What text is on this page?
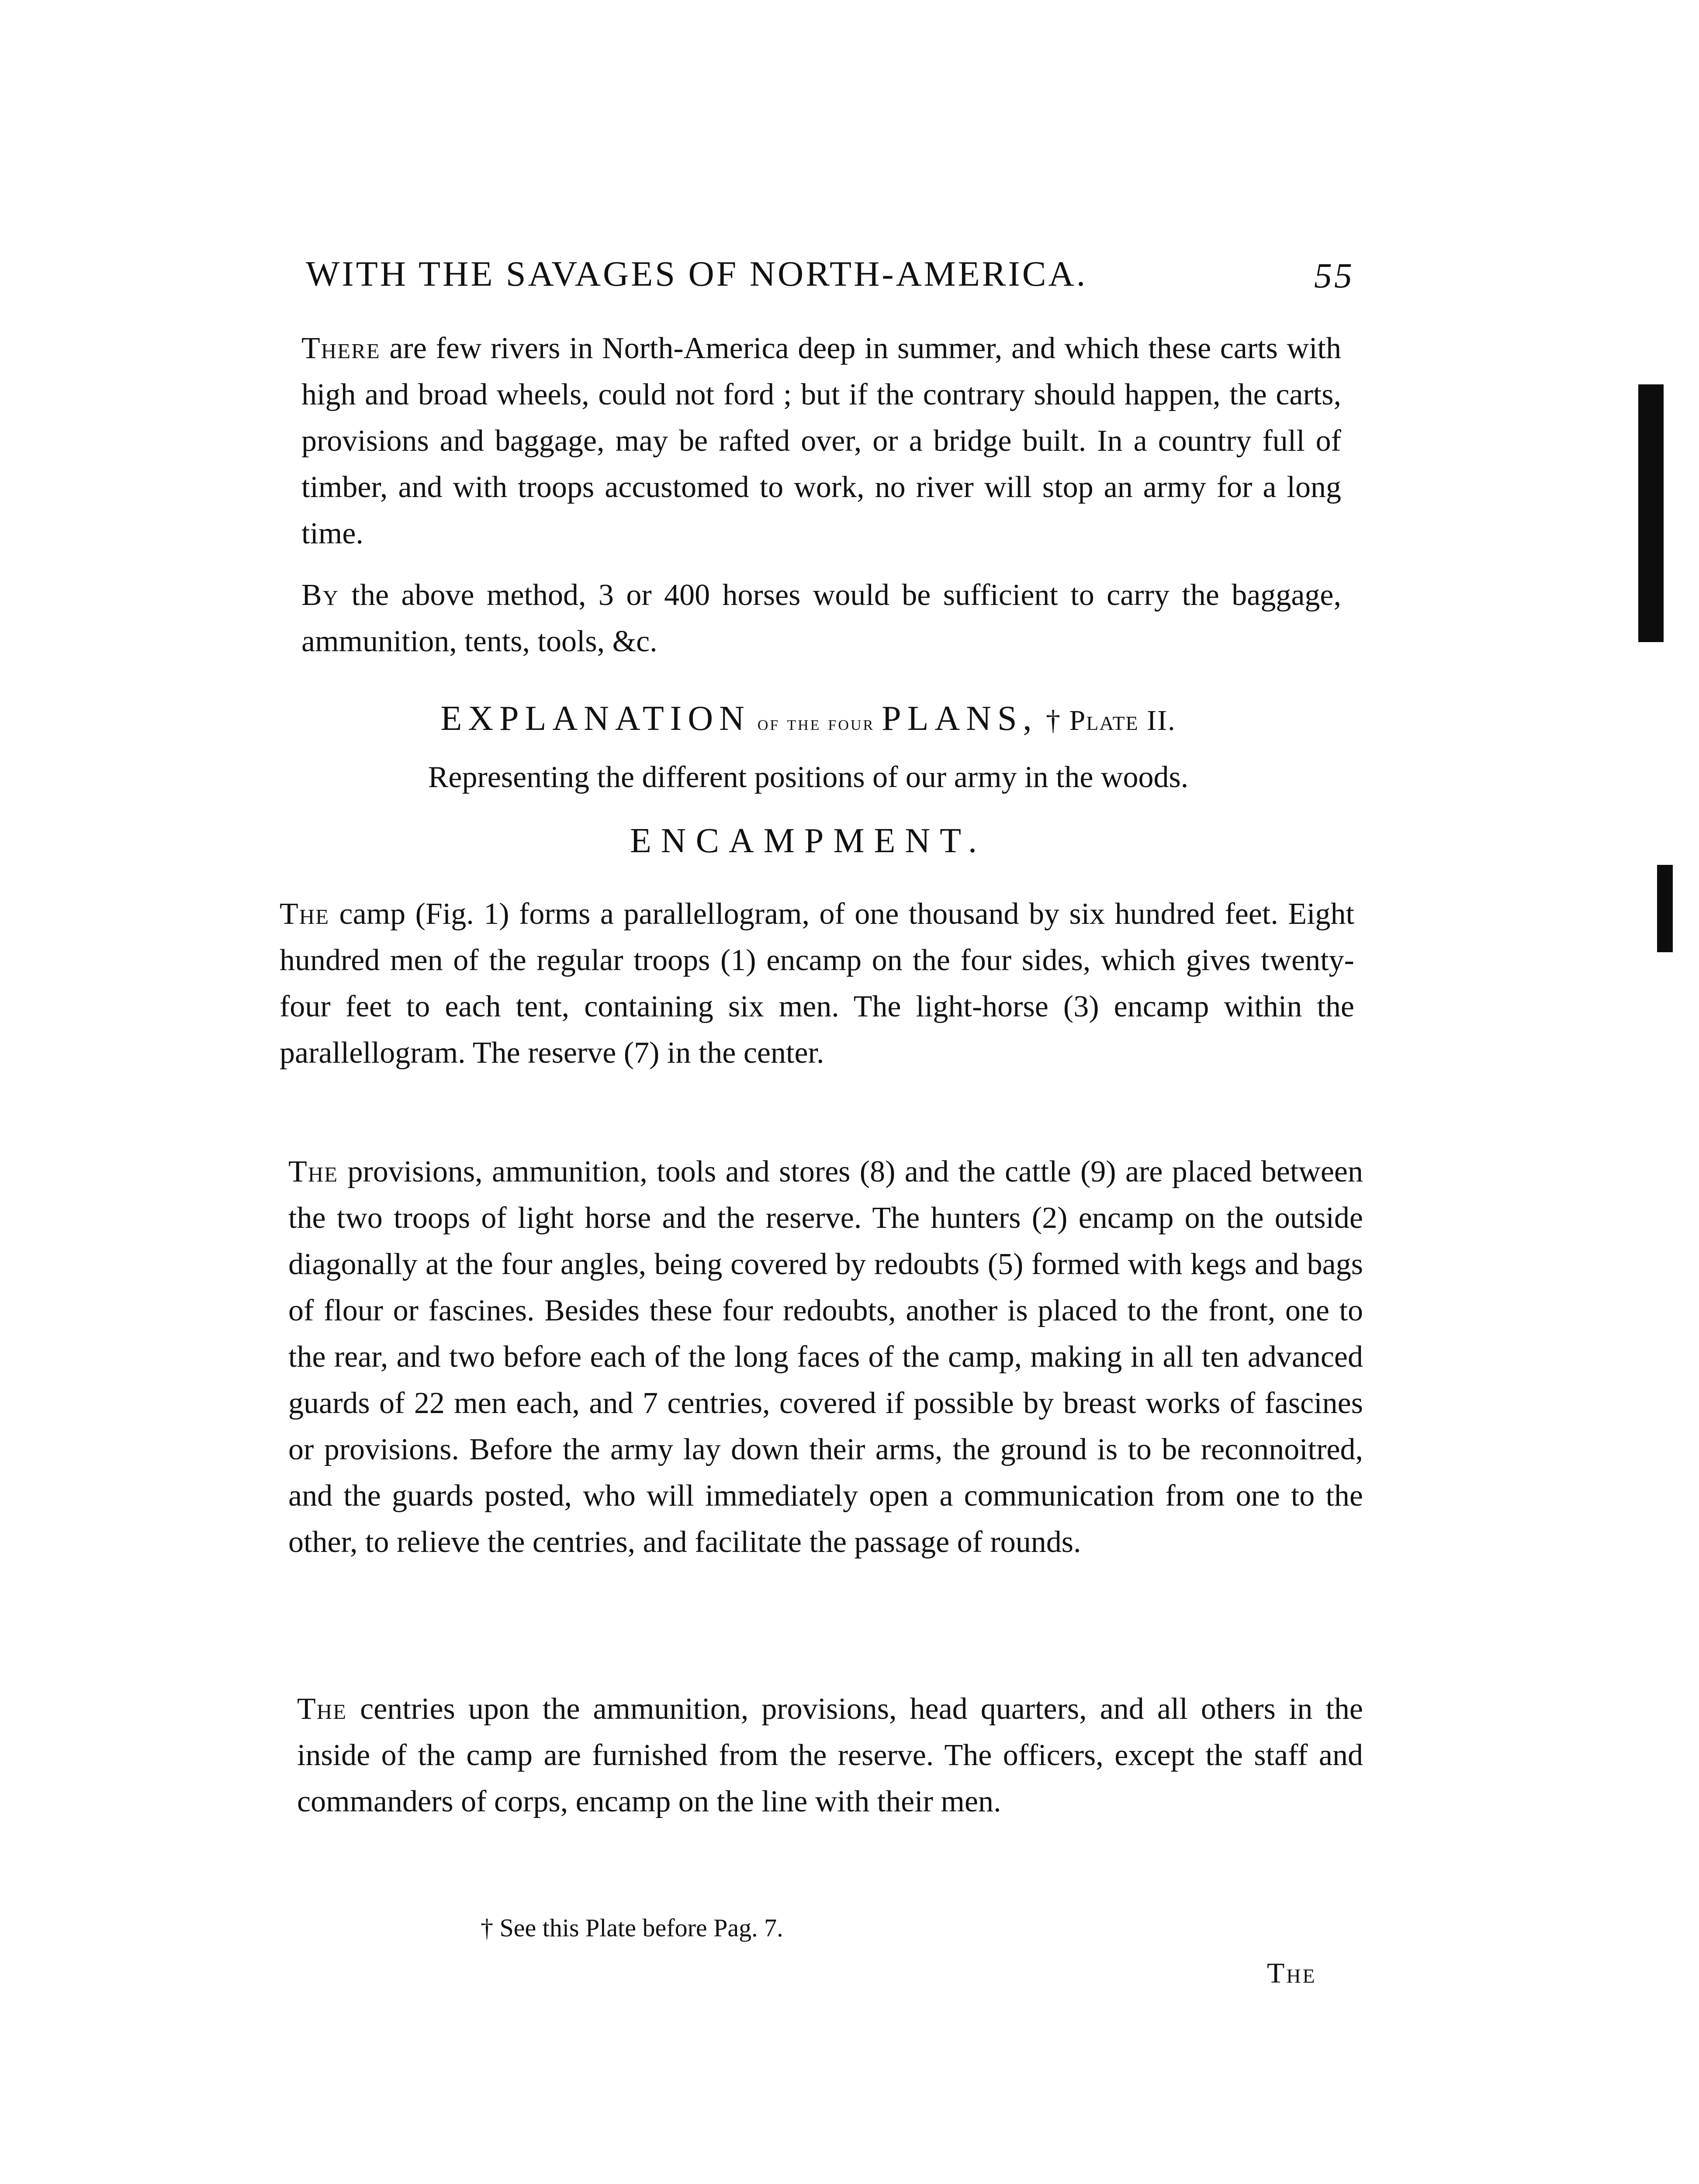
WITH THE SAVAGES OF NORTH-AMERICA.	55

There are few rivers in North-America deep in summer, and which these carts with high and broad wheels, could not ford ; but if the contrary should happen, the carts, provisions and baggage, may be rafted over, or a bridge built. In a country full of timber, and with troops accustomed to work, no river will stop an army for a long time.

By the above method, 3 or 400 horses would be sufficient to carry the baggage, ammunition, tents, tools, &c.

EXPLANATION of the four PLANS, † Plate II.
Representing the different positions of our army in the woods.
ENCAMPMENT.

The camp (Fig. 1) forms a parallellogram, of one thousand by six hundred feet. Eight hundred men of the regular troops (1) encamp on the four sides, which gives twenty-four feet to each tent, containing six men. The light-horse (3) encamp within the parallellogram. The reserve (7) in the center.

The provisions, ammunition, tools and stores (8) and the cattle (9) are placed between the two troops of light horse and the reserve. The hunters (2) encamp on the outside diagonally at the four angles, being covered by redoubts (5) formed with kegs and bags of flour or fascines. Besides these four redoubts, another is placed to the front, one to the rear, and two before each of the long faces of the camp, making in all ten advanced guards of 22 men each, and 7 centries, covered if possible by breast works of fascines or provisions. Before the army lay down their arms, the ground is to be reconnoitred, and the guards posted, who will immediately open a communication from one to the other, to relieve the centries, and facilitate the passage of rounds.

The centries upon the ammunition, provisions, head quarters, and all others in the inside of the camp are furnished from the reserve. The officers, except the staff and commanders of corps, encamp on the line with their men.

† See this Plate before Pag. 7.
The
